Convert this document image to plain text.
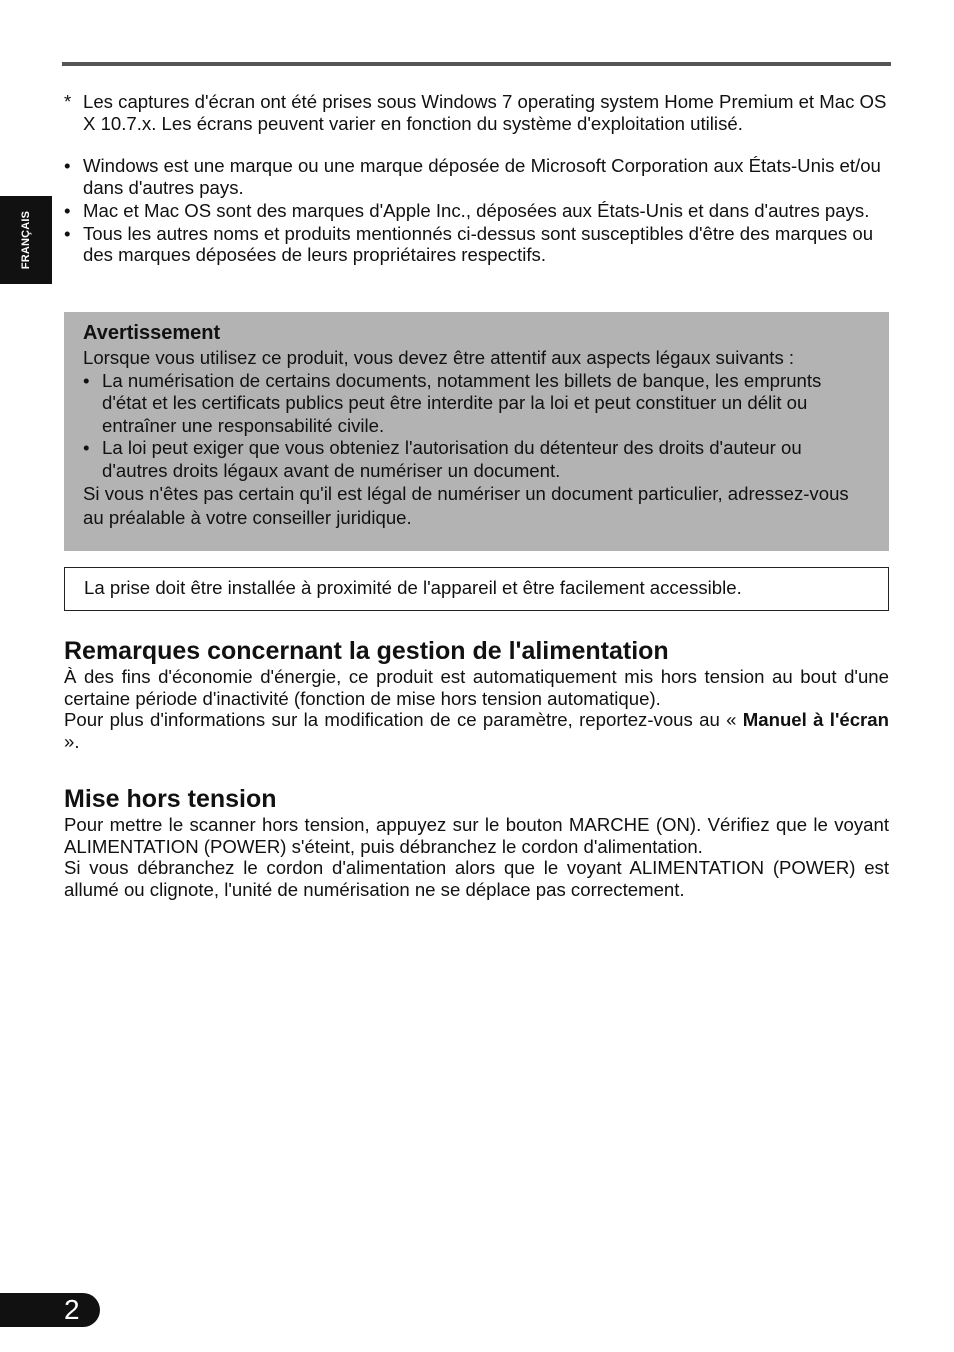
FRANÇAIS

* Les captures d'écran ont été prises sous Windows 7 operating system Home Premium et Mac OS X 10.7.x. Les écrans peuvent varier en fonction du système d'exploitation utilisé.

• Windows est une marque ou une marque déposée de Microsoft Corporation aux États-Unis et/ou dans d'autres pays.

• Mac et Mac OS sont des marques d'Apple Inc., déposées aux États-Unis et dans d'autres pays.

• Tous les autres noms et produits mentionnés ci-dessus sont susceptibles d'être des marques ou des marques déposées de leurs propriétaires respectifs.

Avertissement

Lorsque vous utilisez ce produit, vous devez être attentif aux aspects légaux suivants :

• La numérisation de certains documents, notamment les billets de banque, les emprunts d'état et les certificats publics peut être interdite par la loi et peut constituer un délit ou entraîner une responsabilité civile.

• La loi peut exiger que vous obteniez l'autorisation du détenteur des droits d'auteur ou d'autres droits légaux avant de numériser un document.

Si vous n'êtes pas certain qu'il est légal de numériser un document particulier, adressez-vous au préalable à votre conseiller juridique.

La prise doit être installée à proximité de l'appareil et être facilement accessible.
Remarques concernant la gestion de l'alimentation

À des fins d'économie d'énergie, ce produit est automatiquement mis hors tension au bout d'une certaine période d'inactivité (fonction de mise hors tension automatique).

Pour plus d'informations sur la modification de ce paramètre, reportez-vous au « Manuel à l'écran ».

Mise hors tension

Pour mettre le scanner hors tension, appuyez sur le bouton MARCHE (ON). Vérifiez que le voyant ALIMENTATION (POWER) s'éteint, puis débranchez le cordon d'alimentation.

Si vous débranchez le cordon d'alimentation alors que le voyant ALIMENTATION (POWER) est allumé ou clignote, l'unité de numérisation ne se déplace pas correctement.

2
